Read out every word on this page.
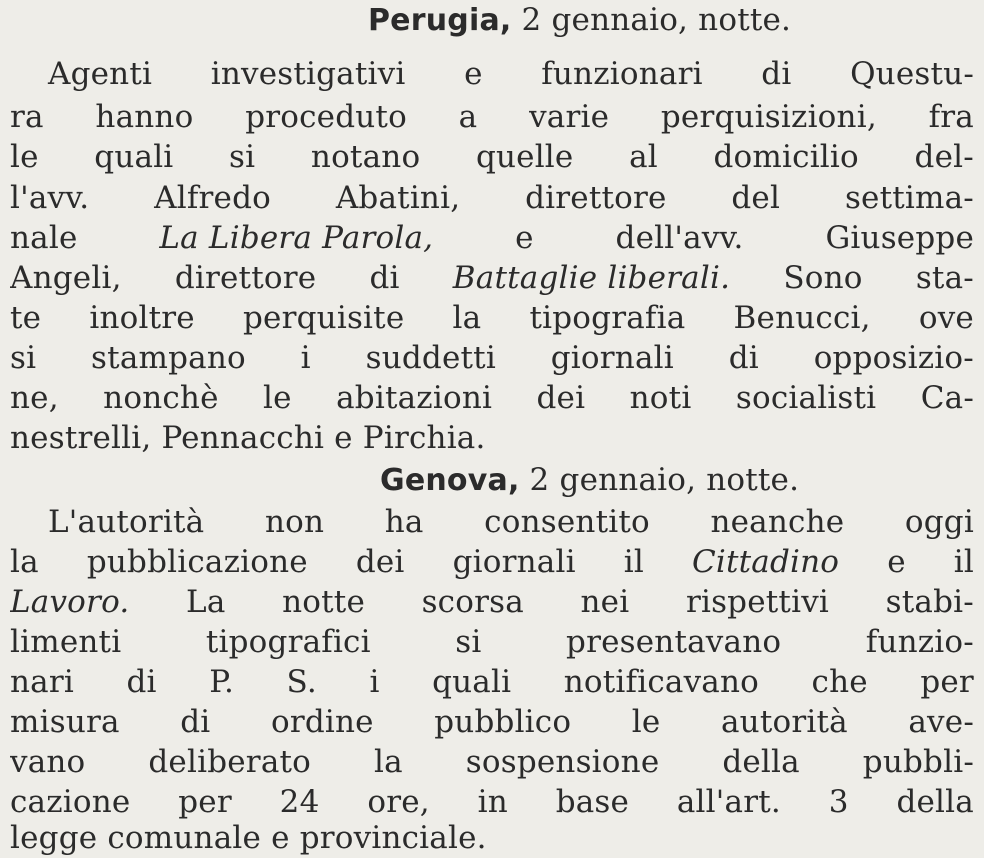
Perugia, 2 gennaio, notte.
Agenti investigativi e funzionari di Questu-
ra hanno proceduto a varie perquisizioni, fra
le quali si notano quelle al domicilio del-
l'avv. Alfredo Abatini, direttore del settima-
nale	La Libera Parola,	e	dell'avv.	Giuseppe
Angeli, direttore di Battaglie liberali. Sono sta-
te inoltre perquisite la tipografia Benucci, ove
si stampano i suddetti giornali di opposizio-
ne, nonchè le abitazioni dei noti socialisti Ca-
nestrelli, Pennacchi e Pirchia.
Genova, 2 gennaio, notte.
L'autorità non ha consentito neanche oggi
la pubblicazione dei giornali il Cittadino e il
Lavoro. La notte scorsa nei rispettivi stabi-
limenti	tipografici	si	presentavano	funzio-
nari di P. S. i quali notificavano che per
misura di ordine pubblico le autorità ave-
vano deliberato la sospensione della pubbli-
cazione per 24 ore, in base all'art. 3 della
legge comunale e provinciale.
